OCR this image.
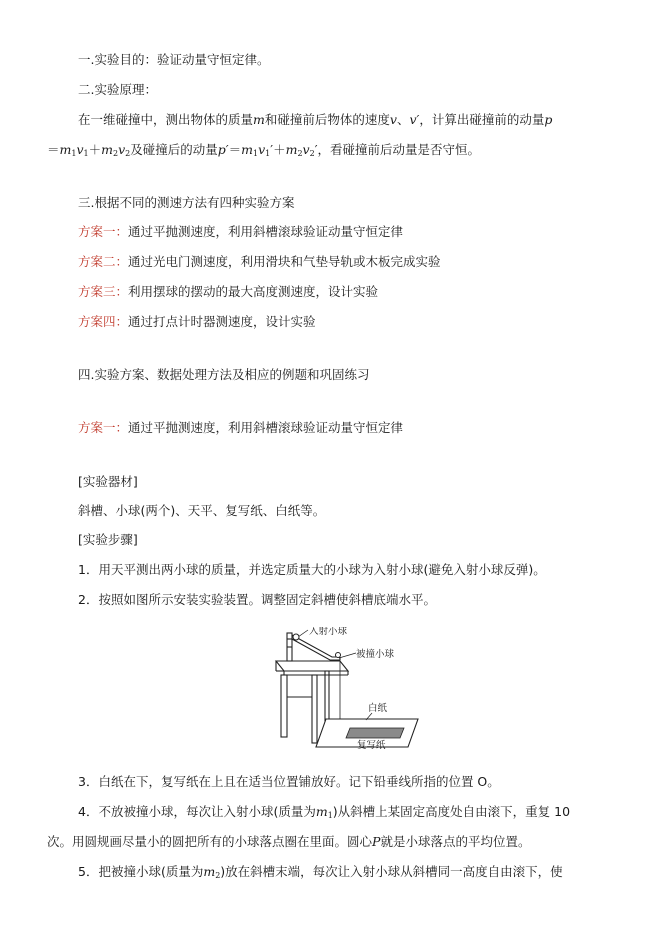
一.实验目的：验证动量守恒定律。
二.实验原理：
在一维碰撞中，测出物体的质量m和碰撞前后物体的速度v、v′，计算出碰撞前的动量p
$=m_1v_1+m_2v_2$及碰撞后的动量$p'=m_1v_1'+m_2v_2'$，看碰撞前后动量是否守恒。
三.根据不同的测速方法有四种实验方案
方案一：通过平抛测速度，利用斜槽滚球验证动量守恒定律
方案二：通过光电门测速度，利用滑块和气垫导轨或木板完成实验
方案三：利用摆球的摆动的最大高度测速度，设计实验
方案四：通过打点计时器测速度，设计实验
四.实验方案、数据处理方法及相应的例题和巩固练习
方案一：通过平抛测速度，利用斜槽滚球验证动量守恒定律
[实验器材]
斜槽、小球(两个)、天平、复写纸、白纸等。
[实验步骤]
1．用天平测出两小球的质量，并选定质量大的小球为入射小球(避免入射小球反弹)。
2．按照如图所示安装实验装置。调整固定斜槽使斜槽底端水平。
入射小球
被撞小球
白纸
复写纸
3．白纸在下，复写纸在上且在适当位置铺放好。记下铅垂线所指的位置 O。
4．不放被撞小球，每次让入射小球(质量为$m_1$)从斜槽上某固定高度处自由滚下，重复 10
次。用圆规画尽量小的圆把所有的小球落点圈在里面。圆心P就是小球落点的平均位置。
5．把被撞小球(质量为$m_2$)放在斜槽末端，每次让入射小球从斜槽同一高度自由滚下，使
